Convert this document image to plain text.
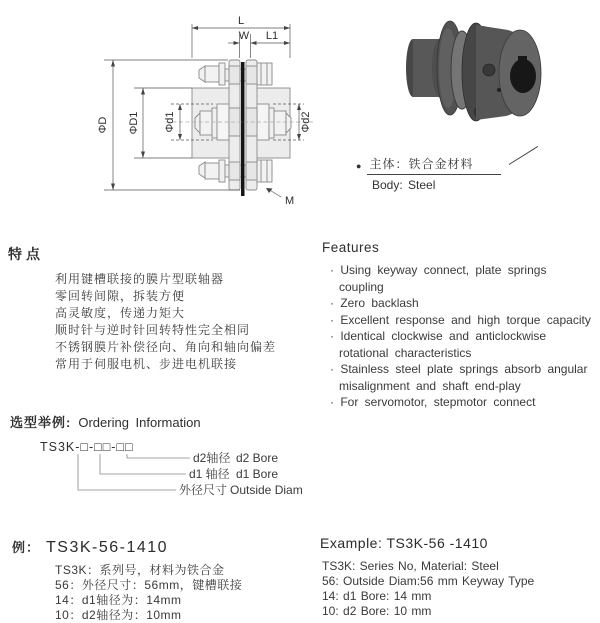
L
W L1
ΦD ΦD1 Φd1	Φd2
M
● 主体：铁合金材料
Body: Steel
特点
利用键槽联接的膜片型联轴器
零回转间隙，拆装方便
高灵敏度，传递力矩大
顺时针与逆时针回转特性完全相同
不锈钢膜片补偿径向、角向和轴向偏差
常用于伺服电机、步进电机联接
Features
· Using keyway connect, plate springs coupling
· Zero backlash
· Excellent response and high torque capacity
· Identical clockwise and anticlockwise rotational characteristics
· Stainless steel plate springs absorb angular misalignment and shaft end-play
· For servomotor, stepmotor connect
选型举例: Ordering Information
TS3K-□-□□-□□
d2轴径 d2 Bore
d1 轴径 d1 Bore
外径尺寸 Outside Diam
例： TS3K-56-1410
TS3K：系列号，材料为铁合金
56：外径尺寸：56mm，键槽联接
14：d1轴径为：14mm
10：d2轴径为：10mm
Example: TS3K-56 -1410
TS3K: Series No, Material: Steel
56: Outside Diam:56 mm Keyway Type
14: d1 Bore: 14 mm
10: d2 Bore: 10 mm
